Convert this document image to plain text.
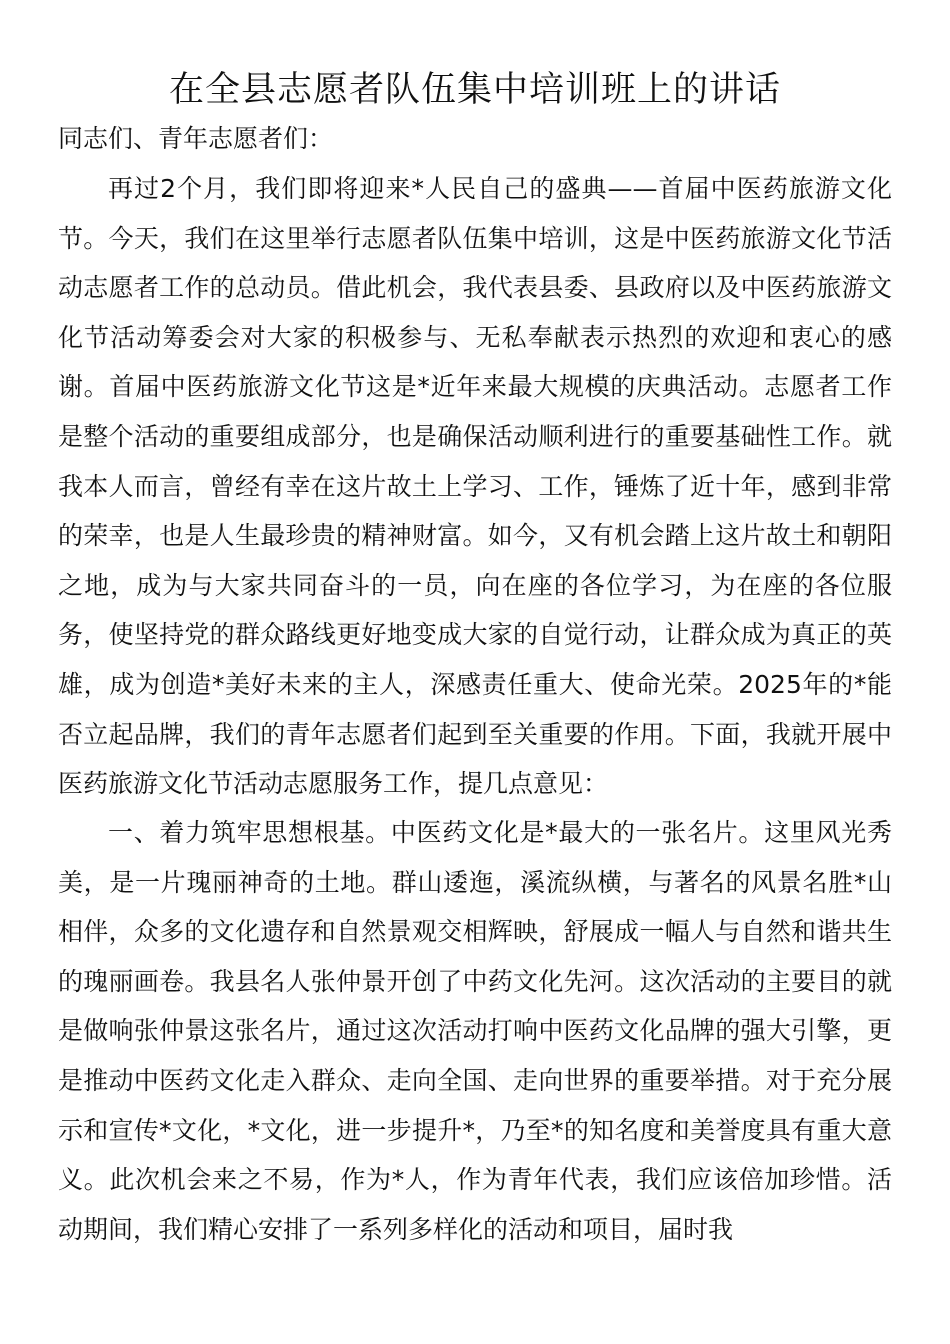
在全县志愿者队伍集中培训班上的讲话
同志们、青年志愿者们：
再过2个月，我们即将迎来*人民自己的盛典——首届中医药旅游文化节。今天，我们在这里举行志愿者队伍集中培训，这是中医药旅游文化节活动志愿者工作的总动员。借此机会，我代表县委、县政府以及中医药旅游文化节活动筹委会对大家的积极参与、无私奉献表示热烈的欢迎和衷心的感谢。首届中医药旅游文化节这是*近年来最大规模的庆典活动。志愿者工作是整个活动的重要组成部分，也是确保活动顺利进行的重要基础性工作。就我本人而言，曾经有幸在这片故土上学习、工作，锤炼了近十年，感到非常的荣幸，也是人生最珍贵的精神财富。如今，又有机会踏上这片故土和朝阳之地，成为与大家共同奋斗的一员，向在座的各位学习，为在座的各位服务，使坚持党的群众路线更好地变成大家的自觉行动，让群众成为真正的英雄，成为创造*美好未来的主人，深感责任重大、使命光荣。2025年的*能否立起品牌，我们的青年志愿者们起到至关重要的作用。下面，我就开展中医药旅游文化节活动志愿服务工作，提几点意见：
一、着力筑牢思想根基。中医药文化是*最大的一张名片。这里风光秀美，是一片瑰丽神奇的土地。群山逶迤，溪流纵横，与著名的风景名胜*山相伴，众多的文化遗存和自然景观交相辉映，舒展成一幅人与自然和谐共生的瑰丽画卷。我县名人张仲景开创了中药文化先河。这次活动的主要目的就是做响张仲景这张名片，通过这次活动打响中医药文化品牌的强大引擎，更是推动中医药文化走入群众、走向全国、走向世界的重要举措。对于充分展示和宣传*文化，*文化，进一步提升*，乃至*的知名度和美誉度具有重大意义。此次机会来之不易，作为*人，作为青年代表，我们应该倍加珍惜。活动期间，我们精心安排了一系列多样化的活动和项目，届时我
